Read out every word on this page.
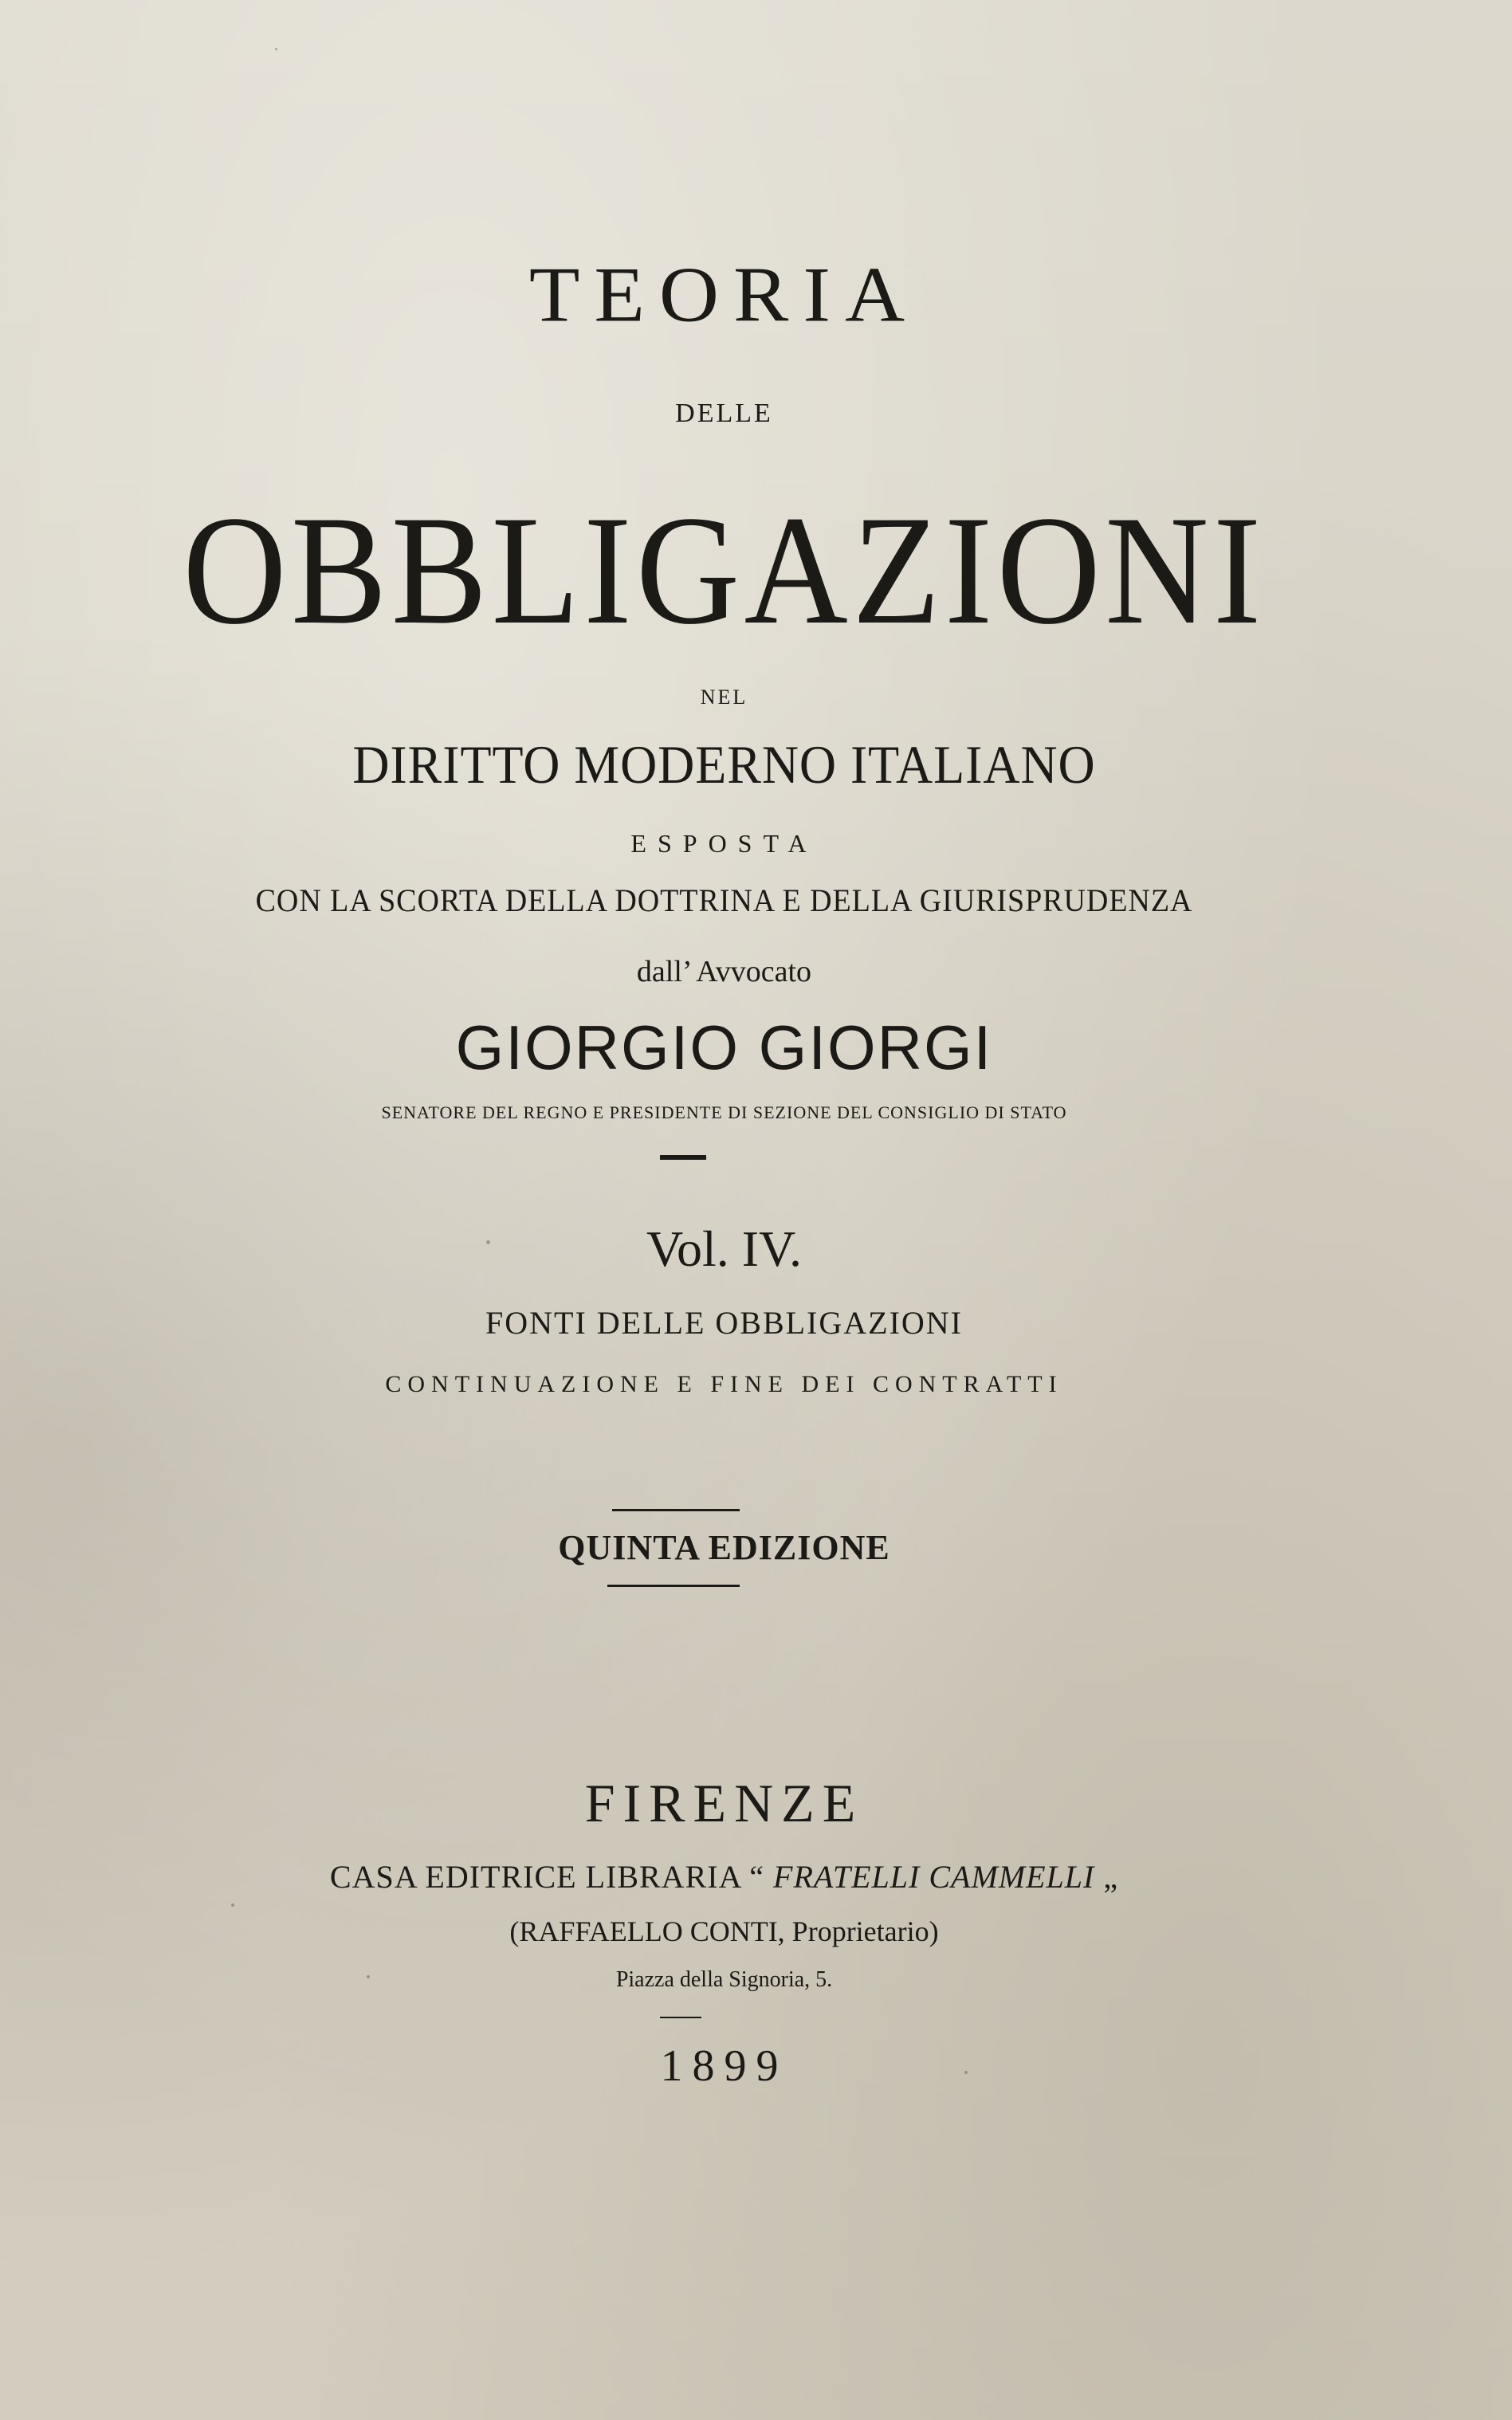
TEORIA
DELLE
OBBLIGAZIONI
NEL
DIRITTO MODERNO ITALIANO
ESPOSTA
CON LA SCORTA DELLA DOTTRINA E DELLA GIURISPRUDENZA
dall’ Avvocato
GIORGIO GIORGI
SENATORE DEL REGNO E PRESIDENTE DI SEZIONE DEL CONSIGLIO DI STATO
Vol. IV.
FONTI DELLE OBBLIGAZIONI
CONTINUAZIONE E FINE DEI CONTRATTI
QUINTA EDIZIONE
FIRENZE
CASA EDITRICE LIBRARIA “ FRATELLI CAMMELLI „
(RAFFAELLO CONTI, Proprietario)
Piazza della Signoria, 5.
1899
